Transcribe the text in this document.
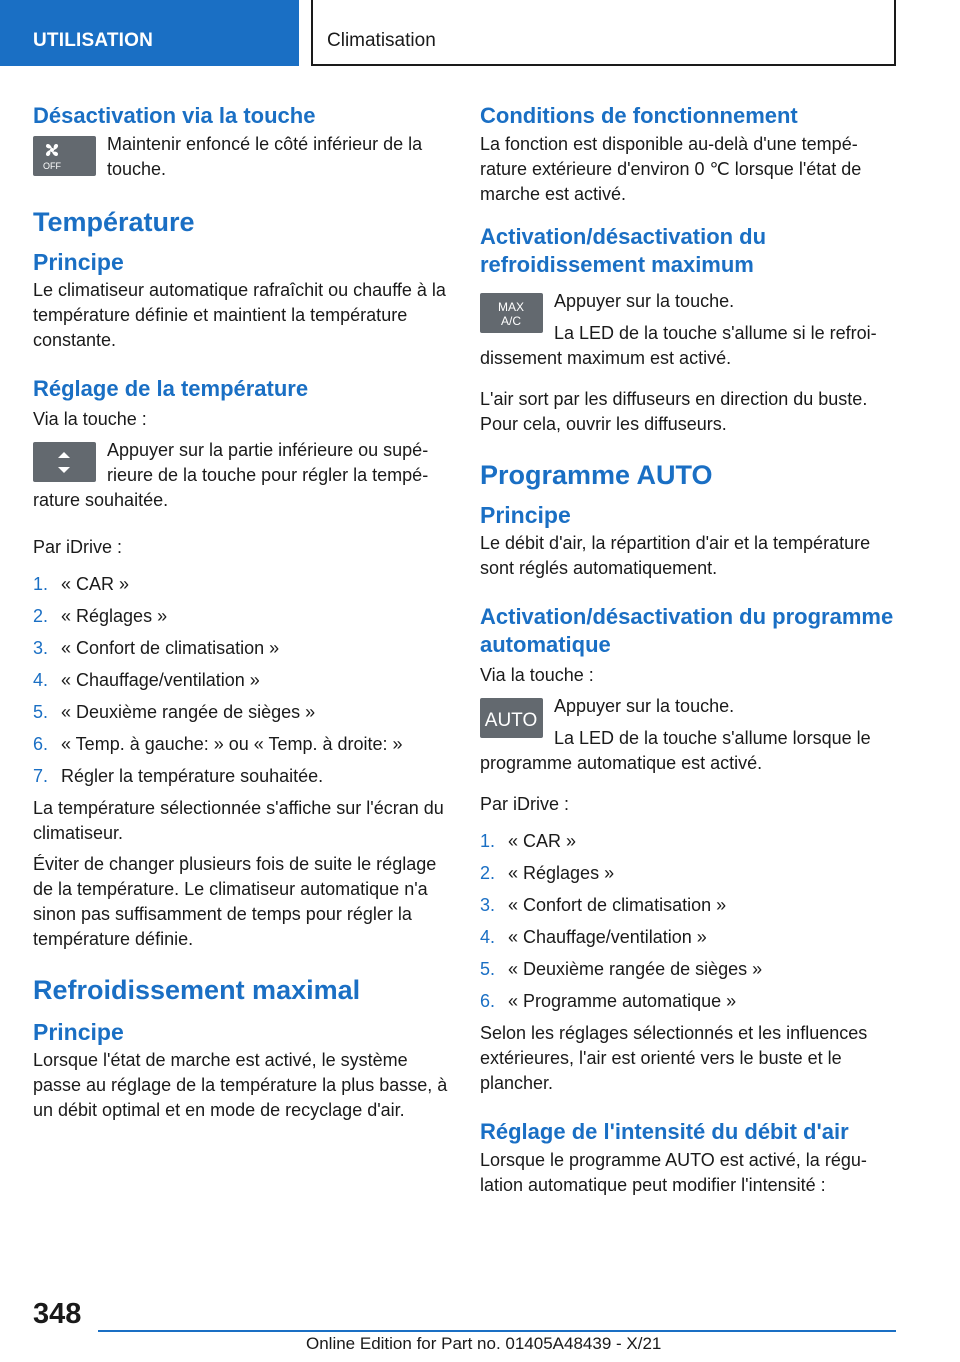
UTILISATION	Climatisation
Désactivation via la touche
OFF

Maintenir enfoncé le côté inférieur de la touche.

Température
Principe

Le climatiseur automatique rafraîchit ou chauffe à la température définie et maintient la température constante.

Réglage de la température

Via la touche :

Appuyer sur la partie inférieure ou supérieure de la touche pour régler la température souhaitée.

Par iDrive :

1. « CAR »
2. « Réglages »
3. « Confort de climatisation »
4. « Chauffage/ventilation »
5. « Deuxième rangée de sièges »
6. « Temp. à gauche: » ou « Temp. à droite: »
7. Régler la température souhaitée.

La température sélectionnée s'affiche sur l'écran du climatiseur.

Éviter de changer plusieurs fois de suite le réglage de la température. Le climatiseur automatique n'a sinon pas suffisamment de temps pour régler la température définie.

Refroidissement maximal
Principe

Lorsque l'état de marche est activé, le système passe au réglage de la température la plus basse, à un débit optimal et en mode de recyclage d'air.

Conditions de fonctionnement

La fonction est disponible au-delà d'une température extérieure d'environ 0 ℃ lorsque l'état de marche est activé.

Activation/désactivation du refroidissement maximum
MAX
A/C

Appuyer sur la touche.

La LED de la touche s'allume si le refroidissement maximum est activé.

L'air sort par les diffuseurs en direction du buste. Pour cela, ouvrir les diffuseurs.

Programme AUTO
Principe

Le débit d'air, la répartition d'air et la température sont réglés automatiquement.

Activation/désactivation du programme automatique

Via la touche :

AUTO

Appuyer sur la touche.

La LED de la touche s'allume lorsque le programme automatique est activé.

Par iDrive :

1. « CAR »
2. « Réglages »
3. « Confort de climatisation »
4. « Chauffage/ventilation »
5. « Deuxième rangée de sièges »
6. « Programme automatique »

Selon les réglages sélectionnés et les influences extérieures, l'air est orienté vers le buste et le plancher.

Réglage de l'intensité du débit d'air

Lorsque le programme AUTO est activé, la régulation automatique peut modifier l'intensité :

348
Online Edition for Part no. 01405A48439 - X/21
